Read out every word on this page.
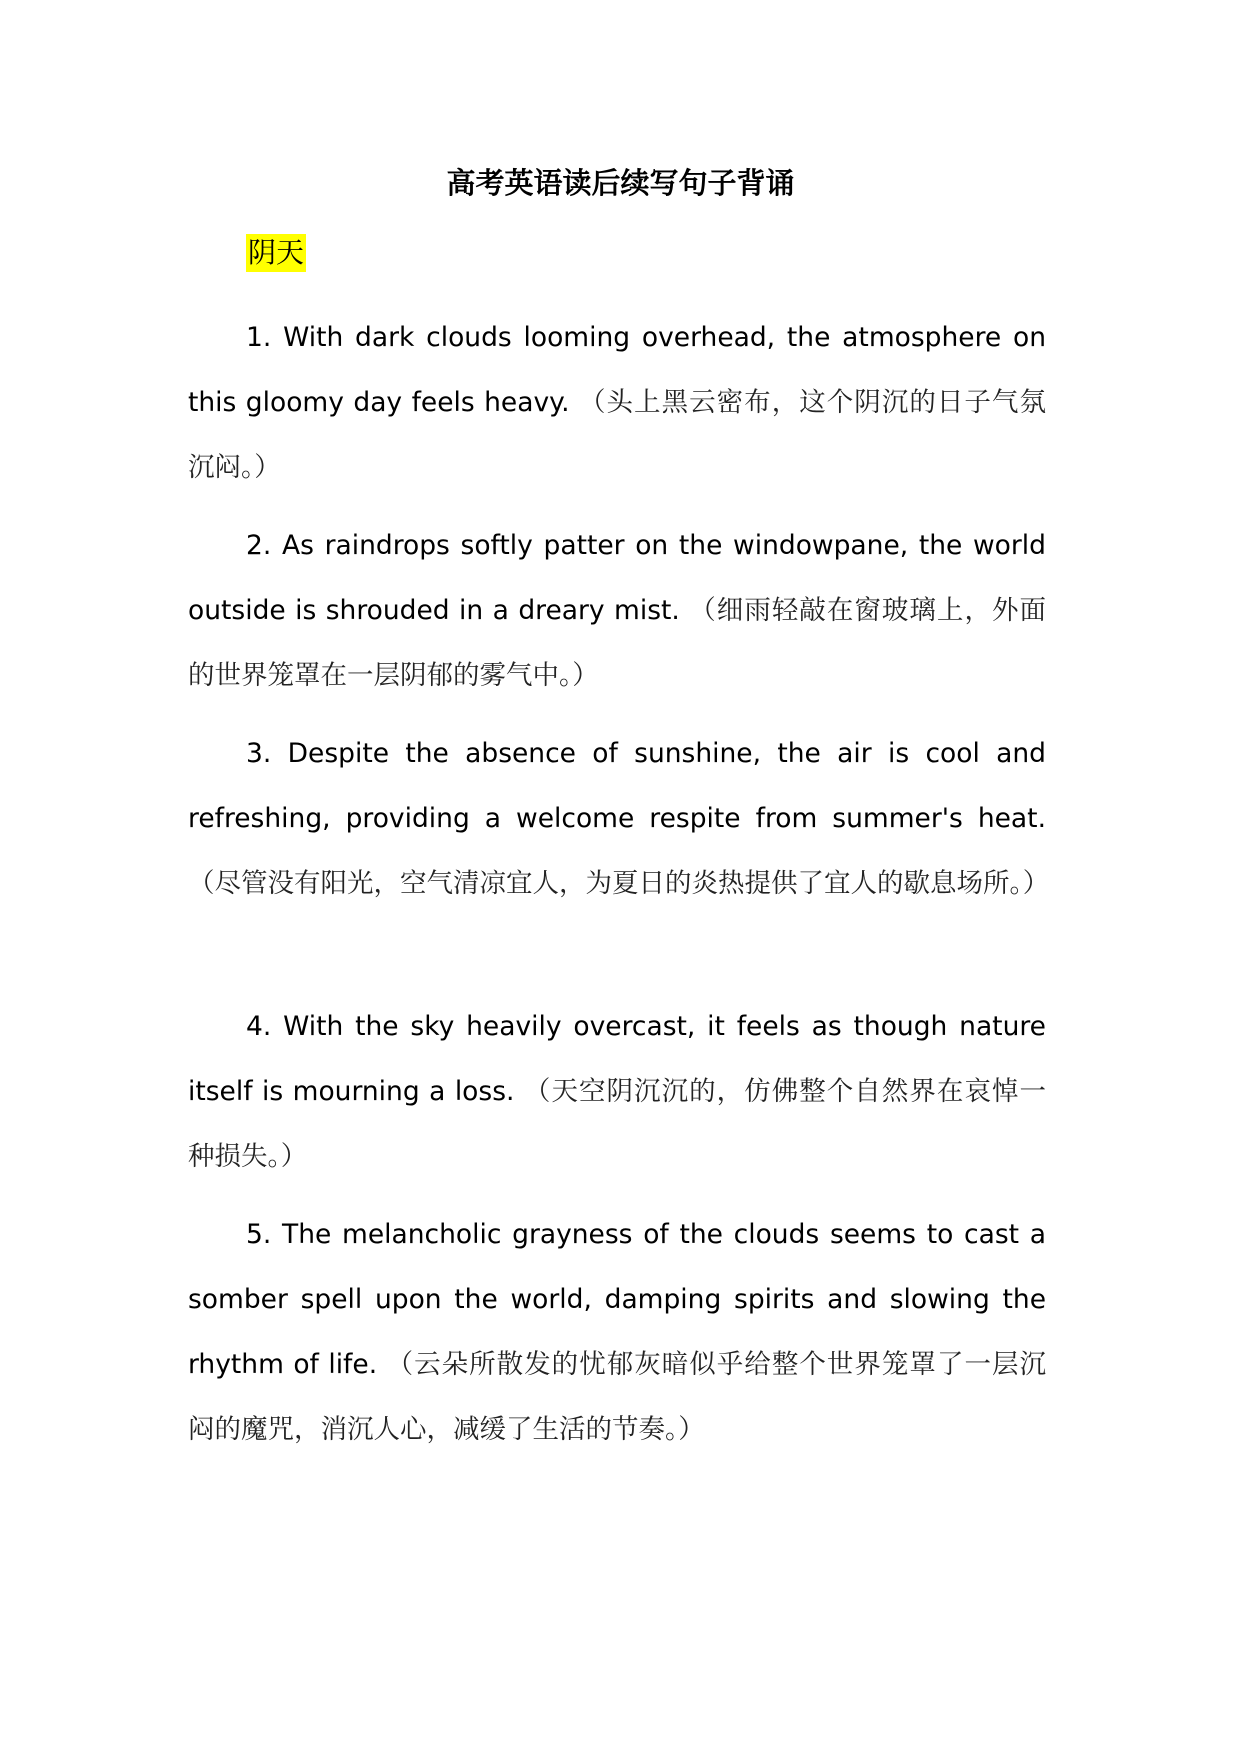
高考英语读后续写句子背诵
阴天

1. With dark clouds looming overhead, the atmosphere on this gloomy day feels heavy. （头上黑云密布，这个阴沉的日子气氛沉闷。）

2. As raindrops softly patter on the windowpane, the world outside is shrouded in a dreary mist. （细雨轻敲在窗玻璃上，外面的世界笼罩在一层阴郁的雾气中。）

3. Despite the absence of sunshine, the air is cool and refreshing, providing a welcome respite from summer's heat. （尽管没有阳光，空气清凉宜人，为夏日的炎热提供了宜人的歇息场所。）

4. With the sky heavily overcast, it feels as though nature itself is mourning a loss. （天空阴沉沉的，仿佛整个自然界在哀悼一种损失。）

5. The melancholic grayness of the clouds seems to cast a somber spell upon the world, damping spirits and slowing the rhythm of life. （云朵所散发的忧郁灰暗似乎给整个世界笼罩了一层沉闷的魔咒，消沉人心，减缓了生活的节奏。）
